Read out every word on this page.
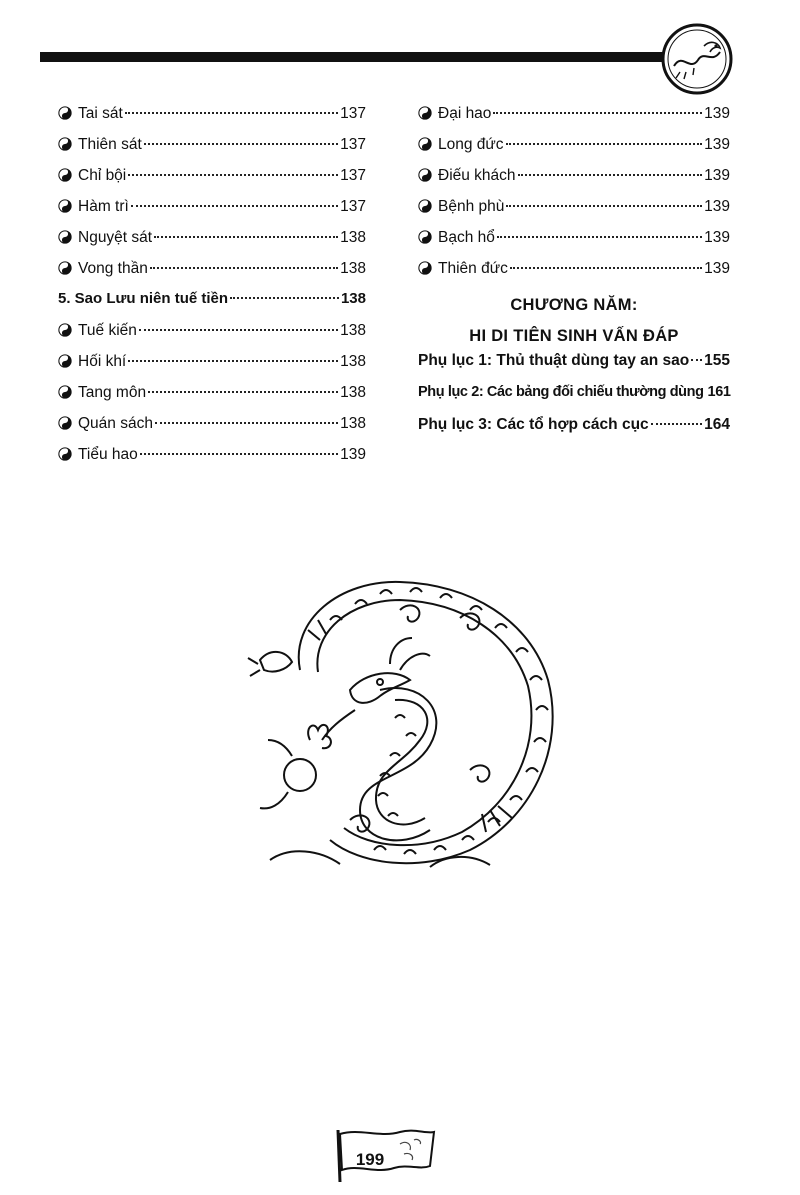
Tai sát	137
Thiên sát	137
Chỉ bội	137
Hàm trì	137
Nguyệt sát	138
Vong thần	138
5. Sao Lưu niên tuế tiền	138
Tuế kiến	138
Hối khí	138
Tang môn	138
Quán sách	138
Tiểu hao	139
Đại hao	139
Long đức	139
Điếu khách	139
Bệnh phù	139
Bạch hổ	139
Thiên đức	139
CHƯƠNG NĂM:
HI DI TIÊN SINH VẤN ĐÁP
Phụ lục 1: Thủ thuật dùng tay an sao 155
Phụ lục 2: Các bảng đối chiếu thường dùng 161
Phụ lục 3: Các tổ hợp cách cục	164
199
